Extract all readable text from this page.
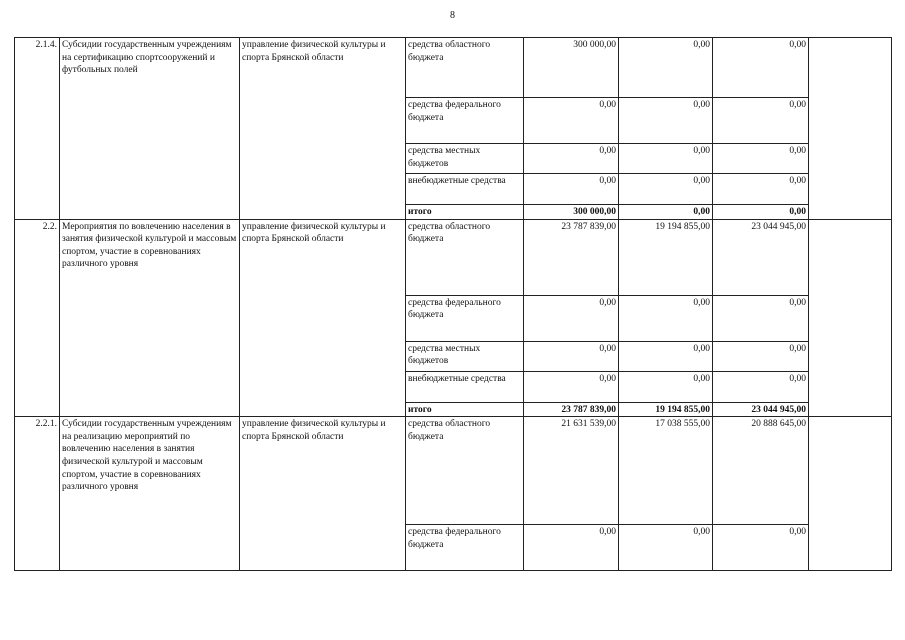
8
2.1.4.	Субсидии государственным учреждениям на сертификацию спортсооружений и футбольных полей	управление физической культуры и спорта Брянской области	средства областного бюджета	300 000,00	0,00	0,00	
			средства федерального бюджета	0,00	0,00	0,00	
			средства местных бюджетов	0,00	0,00	0,00	
			внебюджетные средства	0,00	0,00	0,00	
			итого	300 000,00	0,00	0,00	
2.2.	Мероприятия по вовлечению населения в занятия физической культурой и массовым спортом, участие в соревнованиях различного уровня	управление физической культуры и спорта Брянской области	средства областного бюджета	23 787 839,00	19 194 855,00	23 044 945,00	
			средства федерального бюджета	0,00	0,00	0,00	
			средства местных бюджетов	0,00	0,00	0,00	
			внебюджетные средства	0,00	0,00	0,00	
			итого	23 787 839,00	19 194 855,00	23 044 945,00	
2.2.1.	Субсидии государственным учреждениям на реализацию мероприятий по вовлечению населения в занятия физической культурой и массовым спортом, участие в соревнованиях различного уровня	управление физической культуры и спорта Брянской области	средства областного бюджета	21 631 539,00	17 038 555,00	20 888 645,00	
			средства федерального бюджета	0,00	0,00	0,00	
